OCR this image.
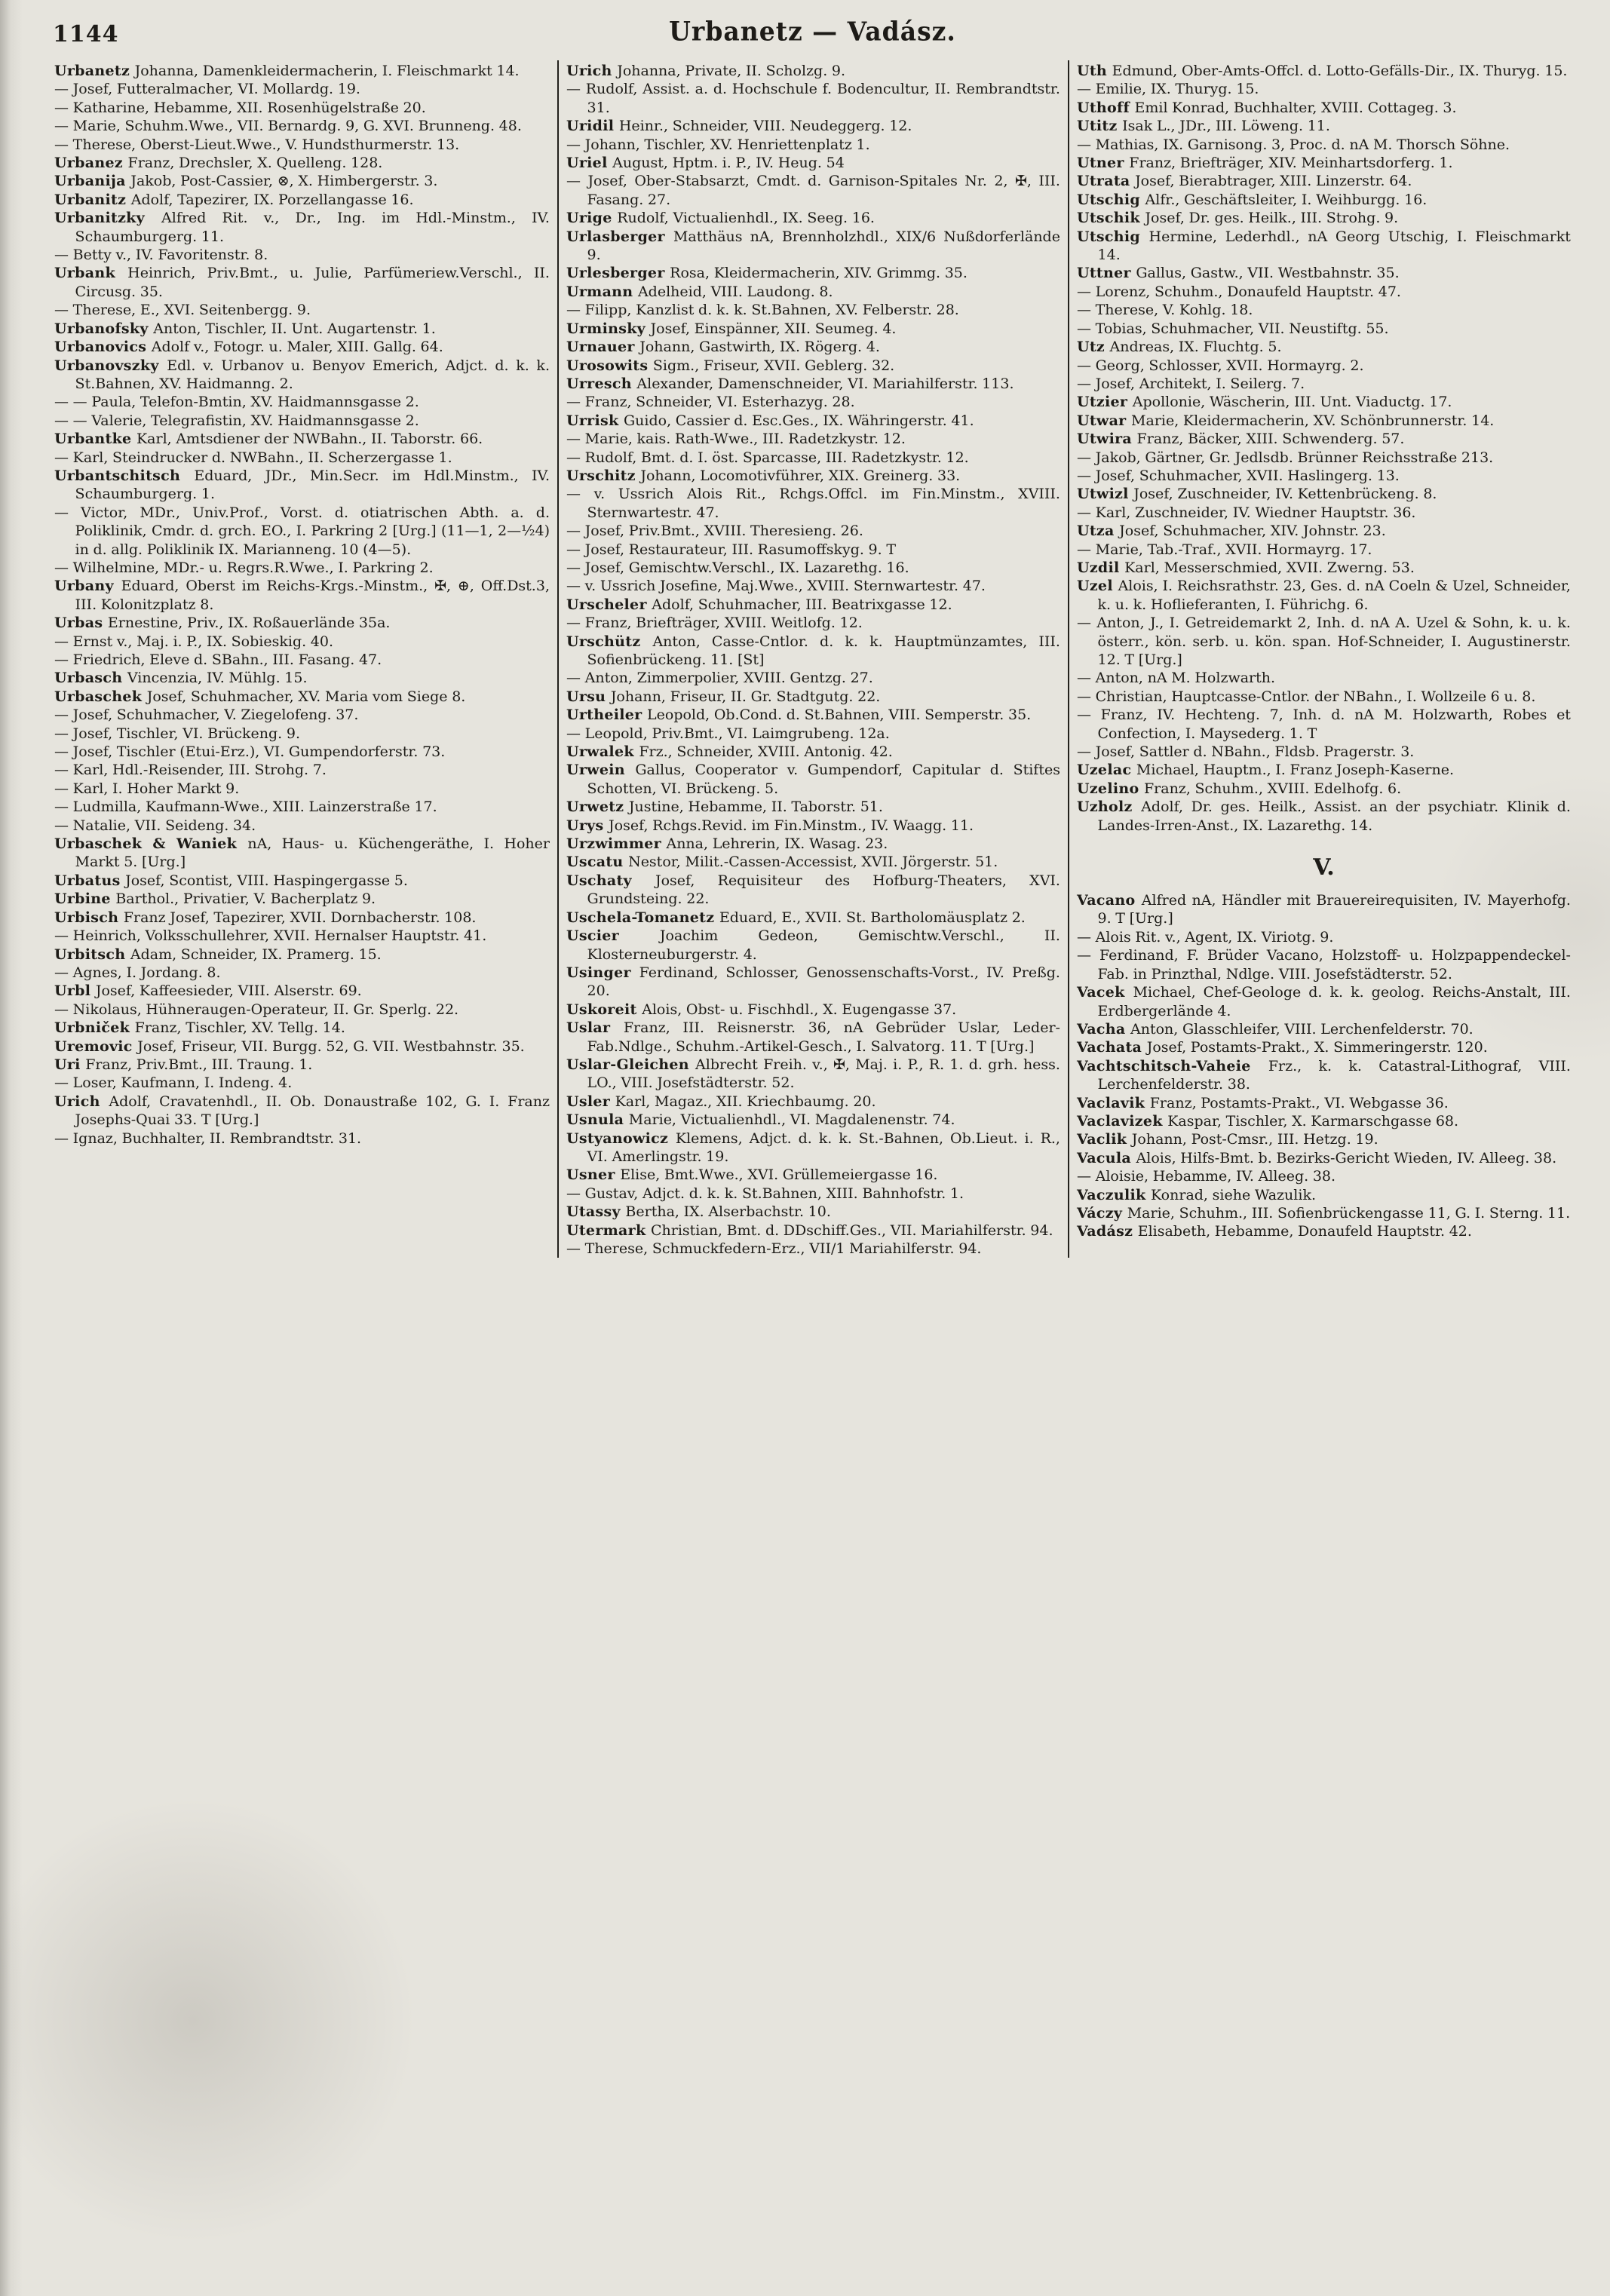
1144	Urbanetz — Vadász.

Urbanetz Johanna, Damenkleidermacherin, I. Fleischmarkt 14.

— Josef, Futteralmacher, VI. Mollardg. 19.

— Katharine, Hebamme, XII. Rosenhügelstraße 20.

— Marie, Schuhm.Wwe., VII. Bernardg. 9, G. XVI. Brunneng. 48.

— Therese, Oberst-Lieut.Wwe., V. Hundsthurmerstr. 13.

Urbanez Franz, Drechsler, X. Quelleng. 128.

Urbanija Jakob, Post-Cassier, ⊗, X. Himbergerstr. 3.

Urbanitz Adolf, Tapezirer, IX. Porzellangasse 16.

Urbanitzky Alfred Rit. v., Dr., Ing. im Hdl.-Minstm., IV. Schaumburgerg. 11.

— Betty v., IV. Favoritenstr. 8.

Urbank Heinrich, Priv.Bmt., u. Julie, Parfümeriew.Verschl., II. Circusg. 35.

— Therese, E., XVI. Seitenbergg. 9.

Urbanofsky Anton, Tischler, II. Unt. Augartenstr. 1.

Urbanovics Adolf v., Fotogr. u. Maler, XIII. Gallg. 64.

Urbanovszky Edl. v. Urbanov u. Benyov Emerich, Adjct. d. k. k. St.Bahnen, XV. Haidmanng. 2.

— — Paula, Telefon-Bmtin, XV. Haidmannsgasse 2.

— — Valerie, Telegrafistin, XV. Haidmannsgasse 2.

Urbantke Karl, Amtsdiener der NWBahn., II. Taborstr. 66.

— Karl, Steindrucker d. NWBahn., II. Scherzergasse 1.

Urbantschitsch Eduard, JDr., Min.Secr. im Hdl.Minstm., IV. Schaumburgerg. 1.

— Victor, MDr., Univ.Prof., Vorst. d. otiatrischen Abth. a. d. Poliklinik, Cmdr. d. grch. EO., I. Parkring 2 [Urg.] (11—1, 2—½4) in d. allg. Poliklinik IX. Marianneng. 10 (4—5).

— Wilhelmine, MDr.- u. Regrs.R.Wwe., I. Parkring 2.

Urbany Eduard, Oberst im Reichs-Krgs.-Minstm., ✠, ⊕, Off.Dst.3, III. Kolonitzplatz 8.

Urbas Ernestine, Priv., IX. Roßauerlände 35a.

— Ernst v., Maj. i. P., IX. Sobieskig. 40.

— Friedrich, Eleve d. SBahn., III. Fasang. 47.

Urbasch Vincenzia, IV. Mühlg. 15.

Urbaschek Josef, Schuhmacher, XV. Maria vom Siege 8.

— Josef, Schuhmacher, V. Ziegelofeng. 37.

— Josef, Tischler, VI. Brückeng. 9.

— Josef, Tischler (Etui-Erz.), VI. Gumpendorferstr. 73.

— Karl, Hdl.-Reisender, III. Strohg. 7.

— Karl, I. Hoher Markt 9.

— Ludmilla, Kaufmann-Wwe., XIII. Lainzerstraße 17.

— Natalie, VII. Seideng. 34.

Urbaschek & Waniek nA, Haus- u. Küchengeräthe, I. Hoher Markt 5. [Urg.]

Urbatus Josef, Scontist, VIII. Haspingergasse 5.

Urbine Barthol., Privatier, V. Bacherplatz 9.

Urbisch Franz Josef, Tapezirer, XVII. Dornbacherstr. 108.

— Heinrich, Volksschullehrer, XVII. Hernalser Hauptstr. 41.

Urbitsch Adam, Schneider, IX. Pramerg. 15.

— Agnes, I. Jordang. 8.

Urbl Josef, Kaffeesieder, VIII. Alserstr. 69.

— Nikolaus, Hühneraugen-Operateur, II. Gr. Sperlg. 22.

Urbniček Franz, Tischler, XV. Tellg. 14.

Uremovic Josef, Friseur, VII. Burgg. 52, G. VII. Westbahnstr. 35.

Uri Franz, Priv.Bmt., III. Traung. 1.

— Loser, Kaufmann, I. Indeng. 4.

Urich Adolf, Cravatenhdl., II. Ob. Donaustraße 102, G. I. Franz Josephs-Quai 33. T [Urg.]

— Ignaz, Buchhalter, II. Rembrandtstr. 31.

Urich Johanna, Private, II. Scholzg. 9.

— Rudolf, Assist. a. d. Hochschule f. Bodencultur, II. Rembrandtstr. 31.

Uridil Heinr., Schneider, VIII. Neudeggerg. 12.

— Johann, Tischler, XV. Henriettenplatz 1.

Uriel August, Hptm. i. P., IV. Heug. 54

— Josef, Ober-Stabsarzt, Cmdt. d. Garnison-Spitales Nr. 2, ✠, III. Fasang. 27.

Urige Rudolf, Victualienhdl., IX. Seeg. 16.

Urlasberger Matthäus nA, Brennholzhdl., XIX/6 Nußdorferlände 9.

Urlesberger Rosa, Kleidermacherin, XIV. Grimmg. 35.

Urmann Adelheid, VIII. Laudong. 8.

— Filipp, Kanzlist d. k. k. St.Bahnen, XV. Felberstr. 28.

Urminsky Josef, Einspänner, XII. Seumeg. 4.

Urnauer Johann, Gastwirth, IX. Rögerg. 4.

Urosowits Sigm., Friseur, XVII. Geblerg. 32.

Urresch Alexander, Damenschneider, VI. Mariahilferstr. 113.

— Franz, Schneider, VI. Esterhazyg. 28.

Urrisk Guido, Cassier d. Esc.Ges., IX. Währingerstr. 41.

— Marie, kais. Rath-Wwe., III. Radetzkystr. 12.

— Rudolf, Bmt. d. I. öst. Sparcasse, III. Radetzkystr. 12.

Urschitz Johann, Locomotivführer, XIX. Greinerg. 33.

— v. Ussrich Alois Rit., Rchgs.Offcl. im Fin.Minstm., XVIII. Sternwartestr. 47.

— Josef, Priv.Bmt., XVIII. Theresieng. 26.

— Josef, Restaurateur, III. Rasumoffskyg. 9. T

— Josef, Gemischtw.Verschl., IX. Lazarethg. 16.

— v. Ussrich Josefine, Maj.Wwe., XVIII. Sternwartestr. 47.

Urscheler Adolf, Schuhmacher, III. Beatrixgasse 12.

— Franz, Briefträger, XVIII. Weitlofg. 12.

Urschütz Anton, Casse-Cntlor. d. k. k. Hauptmünzamtes, III. Sofienbrückeng. 11. [St]

— Anton, Zimmerpolier, XVIII. Gentzg. 27.

Ursu Johann, Friseur, II. Gr. Stadtgutg. 22.

Urtheiler Leopold, Ob.Cond. d. St.Bahnen, VIII. Semperstr. 35.

— Leopold, Priv.Bmt., VI. Laimgrubeng. 12a.

Urwalek Frz., Schneider, XVIII. Antonig. 42.

Urwein Gallus, Cooperator v. Gumpendorf, Capitular d. Stiftes Schotten, VI. Brückeng. 5.

Urwetz Justine, Hebamme, II. Taborstr. 51.

Urys Josef, Rchgs.Revid. im Fin.Minstm., IV. Waagg. 11.

Urzwimmer Anna, Lehrerin, IX. Wasag. 23.

Uscatu Nestor, Milit.-Cassen-Accessist, XVII. Jörgerstr. 51.

Uschaty Josef, Requisiteur des Hofburg-Theaters, XVI. Grundsteing. 22.

Uschela-Tomanetz Eduard, E., XVII. St. Bartholomäusplatz 2.

Uscier Joachim Gedeon, Gemischtw.Verschl., II. Klosterneuburgerstr. 4.

Usinger Ferdinand, Schlosser, Genossenschafts-Vorst., IV. Preßg. 20.

Uskoreit Alois, Obst- u. Fischhdl., X. Eugengasse 37.

Uslar Franz, III. Reisnerstr. 36, nA Gebrüder Uslar, Leder-Fab.Ndlge., Schuhm.-Artikel-Gesch., I. Salvatorg. 11. T [Urg.]

Uslar-Gleichen Albrecht Freih. v., ✠, Maj. i. P., R. 1. d. grh. hess. LO., VIII. Josefstädterstr. 52.

Usler Karl, Magaz., XII. Kriechbaumg. 20.

Usnula Marie, Victualienhdl., VI. Magdalenenstr. 74.

Ustyanowicz Klemens, Adjct. d. k. k. St.-Bahnen, Ob.Lieut. i. R., VI. Amerlingstr. 19.

Usner Elise, Bmt.Wwe., XVI. Grüllemeiergasse 16.

— Gustav, Adjct. d. k. k. St.Bahnen, XIII. Bahnhofstr. 1.

Utassy Bertha, IX. Alserbachstr. 10.

Utermark Christian, Bmt. d. DDschiff.Ges., VII. Mariahilferstr. 94.

— Therese, Schmuckfedern-Erz., VII/1 Mariahilferstr. 94.

Uth Edmund, Ober-Amts-Offcl. d. Lotto-Gefälls-Dir., IX. Thuryg. 15.

— Emilie, IX. Thuryg. 15.

Uthoff Emil Konrad, Buchhalter, XVIII. Cottageg. 3.

Utitz Isak L., JDr., III. Löweng. 11.

— Mathias, IX. Garnisong. 3, Proc. d. nA M. Thorsch Söhne.

Utner Franz, Briefträger, XIV. Meinhartsdorferg. 1.

Utrata Josef, Bierabtrager, XIII. Linzerstr. 64.

Utschig Alfr., Geschäftsleiter, I. Weihburgg. 16.

Utschik Josef, Dr. ges. Heilk., III. Strohg. 9.

Utschig Hermine, Lederhdl., nA Georg Utschig, I. Fleischmarkt 14.

Uttner Gallus, Gastw., VII. Westbahnstr. 35.

— Lorenz, Schuhm., Donaufeld Hauptstr. 47.

— Therese, V. Kohlg. 18.

— Tobias, Schuhmacher, VII. Neustiftg. 55.

Utz Andreas, IX. Fluchtg. 5.

— Georg, Schlosser, XVII. Hormayrg. 2.

— Josef, Architekt, I. Seilerg. 7.

Utzier Apollonie, Wäscherin, III. Unt. Viaductg. 17.

Utwar Marie, Kleidermacherin, XV. Schönbrunnerstr. 14.

Utwira Franz, Bäcker, XIII. Schwenderg. 57.

— Jakob, Gärtner, Gr. Jedlsdb. Brünner Reichsstraße 213.

— Josef, Schuhmacher, XVII. Haslingerg. 13.

Utwizl Josef, Zuschneider, IV. Kettenbrückeng. 8.

— Karl, Zuschneider, IV. Wiedner Hauptstr. 36.

Utza Josef, Schuhmacher, XIV. Johnstr. 23.

— Marie, Tab.-Traf., XVII. Hormayrg. 17.

Uzdil Karl, Messerschmied, XVII. Zwerng. 53.

Uzel Alois, I. Reichsrathstr. 23, Ges. d. nA Coeln & Uzel, Schneider, k. u. k. Hoflieferanten, I. Führichg. 6.

— Anton, J., I. Getreidemarkt 2, Inh. d. nA A. Uzel & Sohn, k. u. k. österr., kön. serb. u. kön. span. Hof-Schneider, I. Augustinerstr. 12. T [Urg.]

— Anton, nA M. Holzwarth.

— Christian, Hauptcasse-Cntlor. der NBahn., I. Wollzeile 6 u. 8.

— Franz, IV. Hechteng. 7, Inh. d. nA M. Holzwarth, Robes et Confection, I. Maysederg. 1. T

— Josef, Sattler d. NBahn., Fldsb. Pragerstr. 3.

Uzelac Michael, Hauptm., I. Franz Joseph-Kaserne.

Uzelino Franz, Schuhm., XVIII. Edelhofg. 6.

Uzholz Adolf, Dr. ges. Heilk., Assist. an der psychiatr. Klinik d. Landes-Irren-Anst., IX. Lazarethg. 14.

V.

Vacano Alfred nA, Händler mit Brauereirequisiten, IV. Mayerhofg. 9. T [Urg.]

— Alois Rit. v., Agent, IX. Viriotg. 9.

— Ferdinand, F. Brüder Vacano, Holzstoff- u. Holzpappendeckel-Fab. in Prinzthal, Ndlge. VIII. Josefstädterstr. 52.

Vacek Michael, Chef-Geologe d. k. k. geolog. Reichs-Anstalt, III. Erdbergerlände 4.

Vacha Anton, Glasschleifer, VIII. Lerchenfelderstr. 70.

Vachata Josef, Postamts-Prakt., X. Simmeringerstr. 120.

Vachtschitsch-Vaheie Frz., k. k. Catastral-Lithograf, VIII. Lerchenfelderstr. 38.

Vaclavik Franz, Postamts-Prakt., VI. Webgasse 36.

Vaclavizek Kaspar, Tischler, X. Karmarschgasse 68.

Vaclik Johann, Post-Cmsr., III. Hetzg. 19.

Vacula Alois, Hilfs-Bmt. b. Bezirks-Gericht Wieden, IV. Alleeg. 38.

— Aloisie, Hebamme, IV. Alleeg. 38.

Vaczulik Konrad, siehe Wazulik.

Váczy Marie, Schuhm., III. Sofienbrückengasse 11, G. I. Sterng. 11.

Vadász Elisabeth, Hebamme, Donaufeld Hauptstr. 42.
